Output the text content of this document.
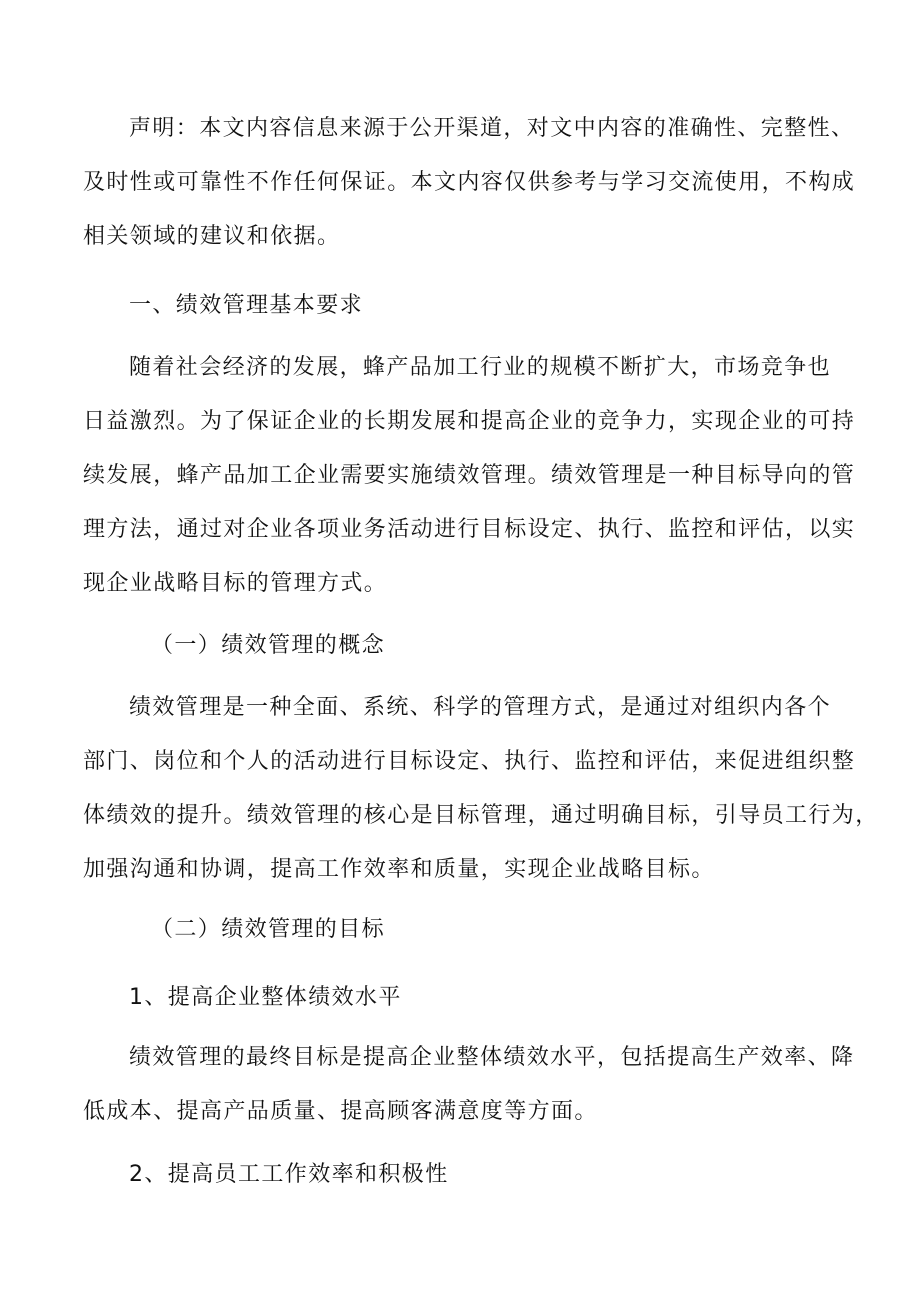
声明：本文内容信息来源于公开渠道，对文中内容的准确性、完整性、
及时性或可靠性不作任何保证。本文内容仅供参考与学习交流使用，不构成
相关领域的建议和依据。

一、绩效管理基本要求

随着社会经济的发展，蜂产品加工行业的规模不断扩大，市场竞争也
日益激烈。为了保证企业的长期发展和提高企业的竞争力，实现企业的可持
续发展，蜂产品加工企业需要实施绩效管理。绩效管理是一种目标导向的管
理方法，通过对企业各项业务活动进行目标设定、执行、监控和评估，以实
现企业战略目标的管理方式。

（一）绩效管理的概念

绩效管理是一种全面、系统、科学的管理方式，是通过对组织内各个
部门、岗位和个人的活动进行目标设定、执行、监控和评估，来促进组织整
体绩效的提升。绩效管理的核心是目标管理，通过明确目标，引导员工行为，
加强沟通和协调，提高工作效率和质量，实现企业战略目标。

（二）绩效管理的目标

1、提高企业整体绩效水平

绩效管理的最终目标是提高企业整体绩效水平，包括提高生产效率、降
低成本、提高产品质量、提高顾客满意度等方面。

2、提高员工工作效率和积极性
